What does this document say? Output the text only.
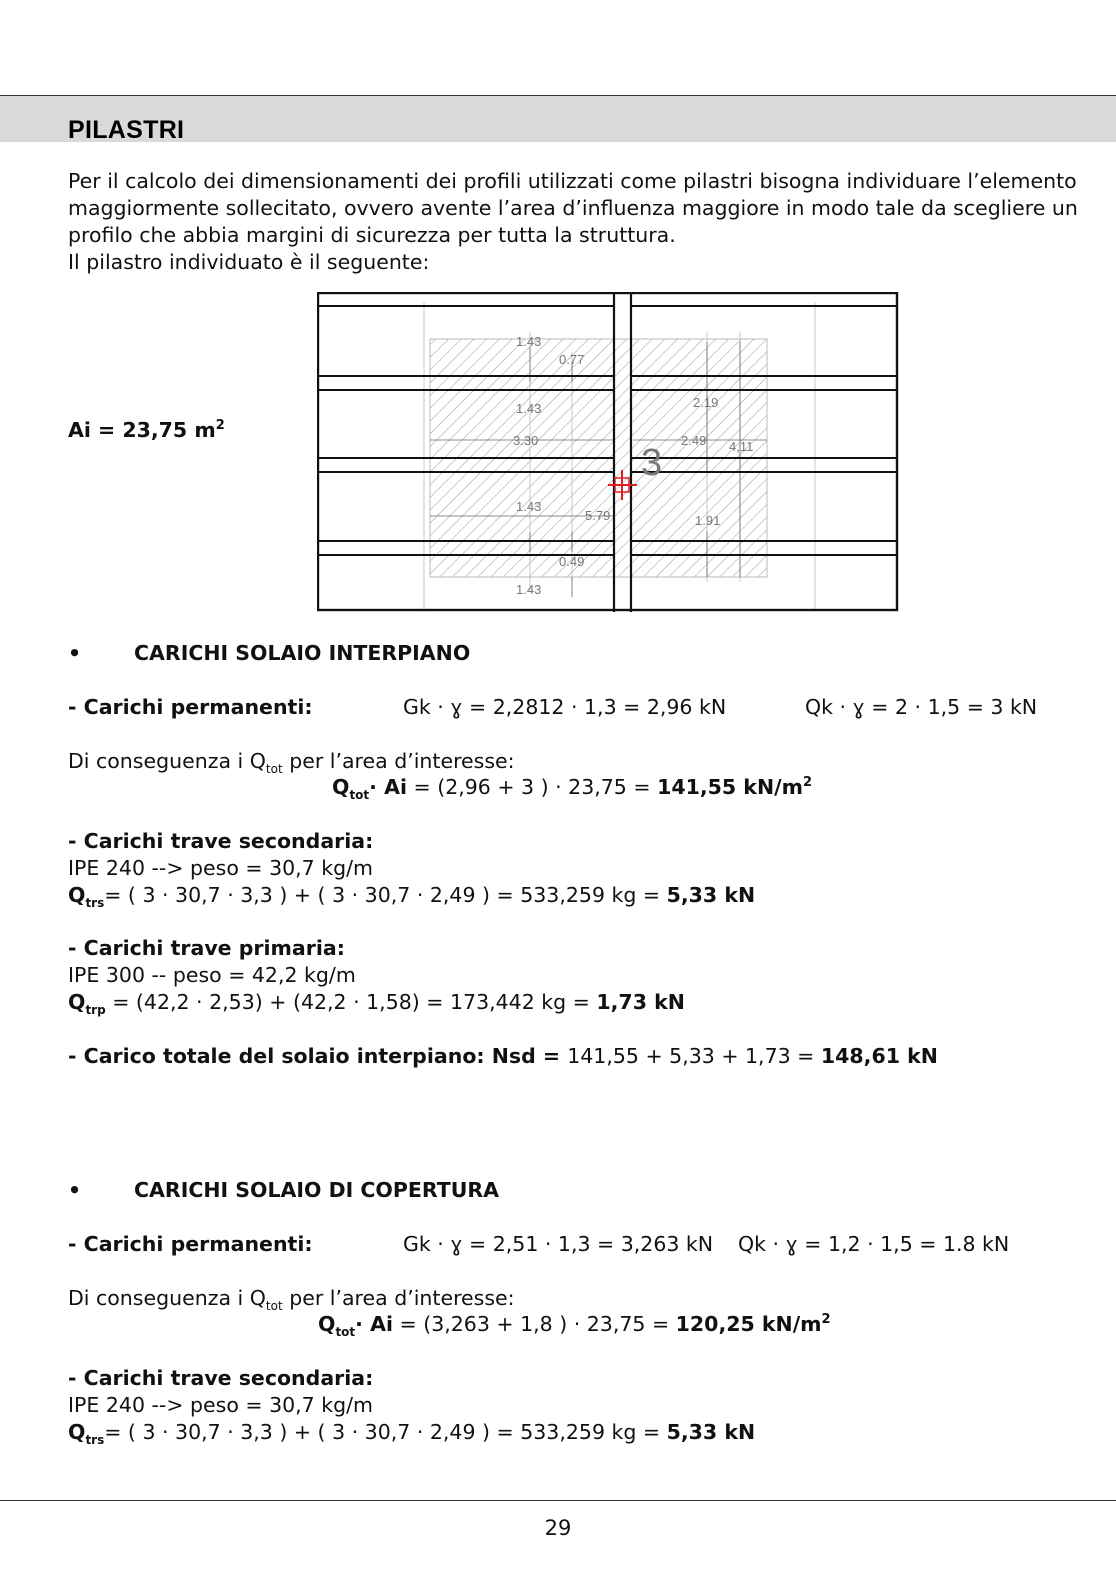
PILASTRI
Per il calcolo dei dimensionamenti dei profili utilizzati come pilastri bisogna individuare l’elemento
maggiormente sollecitato, ovvero avente l’area d’influenza maggiore in modo tale da scegliere un
profilo che abbia margini di sicurezza per tutta la struttura.
Il pilastro individuato è il seguente:
Ai = 23,75 $m^2$
1.43
0.77
1.43	2.19
3.30	2.49 4,11
1.43
5.79	1.91
0.49
1.43
3
•	CARICHI SOLAIO INTERPIANO
- Carichi permanenti:	Gk · ɣ = 2,2812 · 1,3 = 2,96 kN	Qk · ɣ = 2 · 1,5 = 3 kN
Di conseguenza i $Q_{tot}$ per l’area d’interesse:
$Q_{tot}\cdot Ai = (2,96 + 3$ ) · 23,75 = 141,55 $kN/m^2$
- Carichi trave secondaria:
IPE 240 --> peso = 30,7 kg/m
$Q_{trs}=$ ( 3 · 30,7 · 3,3 ) + ( 3 · 30,7 · 2,49 ) = 533,259 kg = 5,33 kN
- Carichi trave primaria:
IPE 300 -- peso = 42,2 kg/m
$Q_{trp} = (42,2 \cdot 2,53) + (42,2 \cdot 1,58) = 173,442$ kg = 1,73 kN
- Carico totale del solaio interpiano: Nsd = 141,55 + 5,33 + 1,73 = 148,61 kN
•	CARICHI SOLAIO DI COPERTURA
- Carichi permanenti:	Gk · ɣ = 2,51 · 1,3 = 3,263 kN Qk · ɣ = 1,2 · 1,5 = 1.8 kN
Di conseguenza i $Q_{tot}$ per l’area d’interesse:
$Q_{tot}\cdot Ai = (3,263 + 1,8$ ) · 23,75 = 120,25 $kN/m^2$
- Carichi trave secondaria:
IPE 240 --> peso = 30,7 kg/m
$Q_{trs}=$ ( 3 · 30,7 · 3,3 ) + ( 3 · 30,7 · 2,49 ) = 533,259 kg = 5,33 kN
29
